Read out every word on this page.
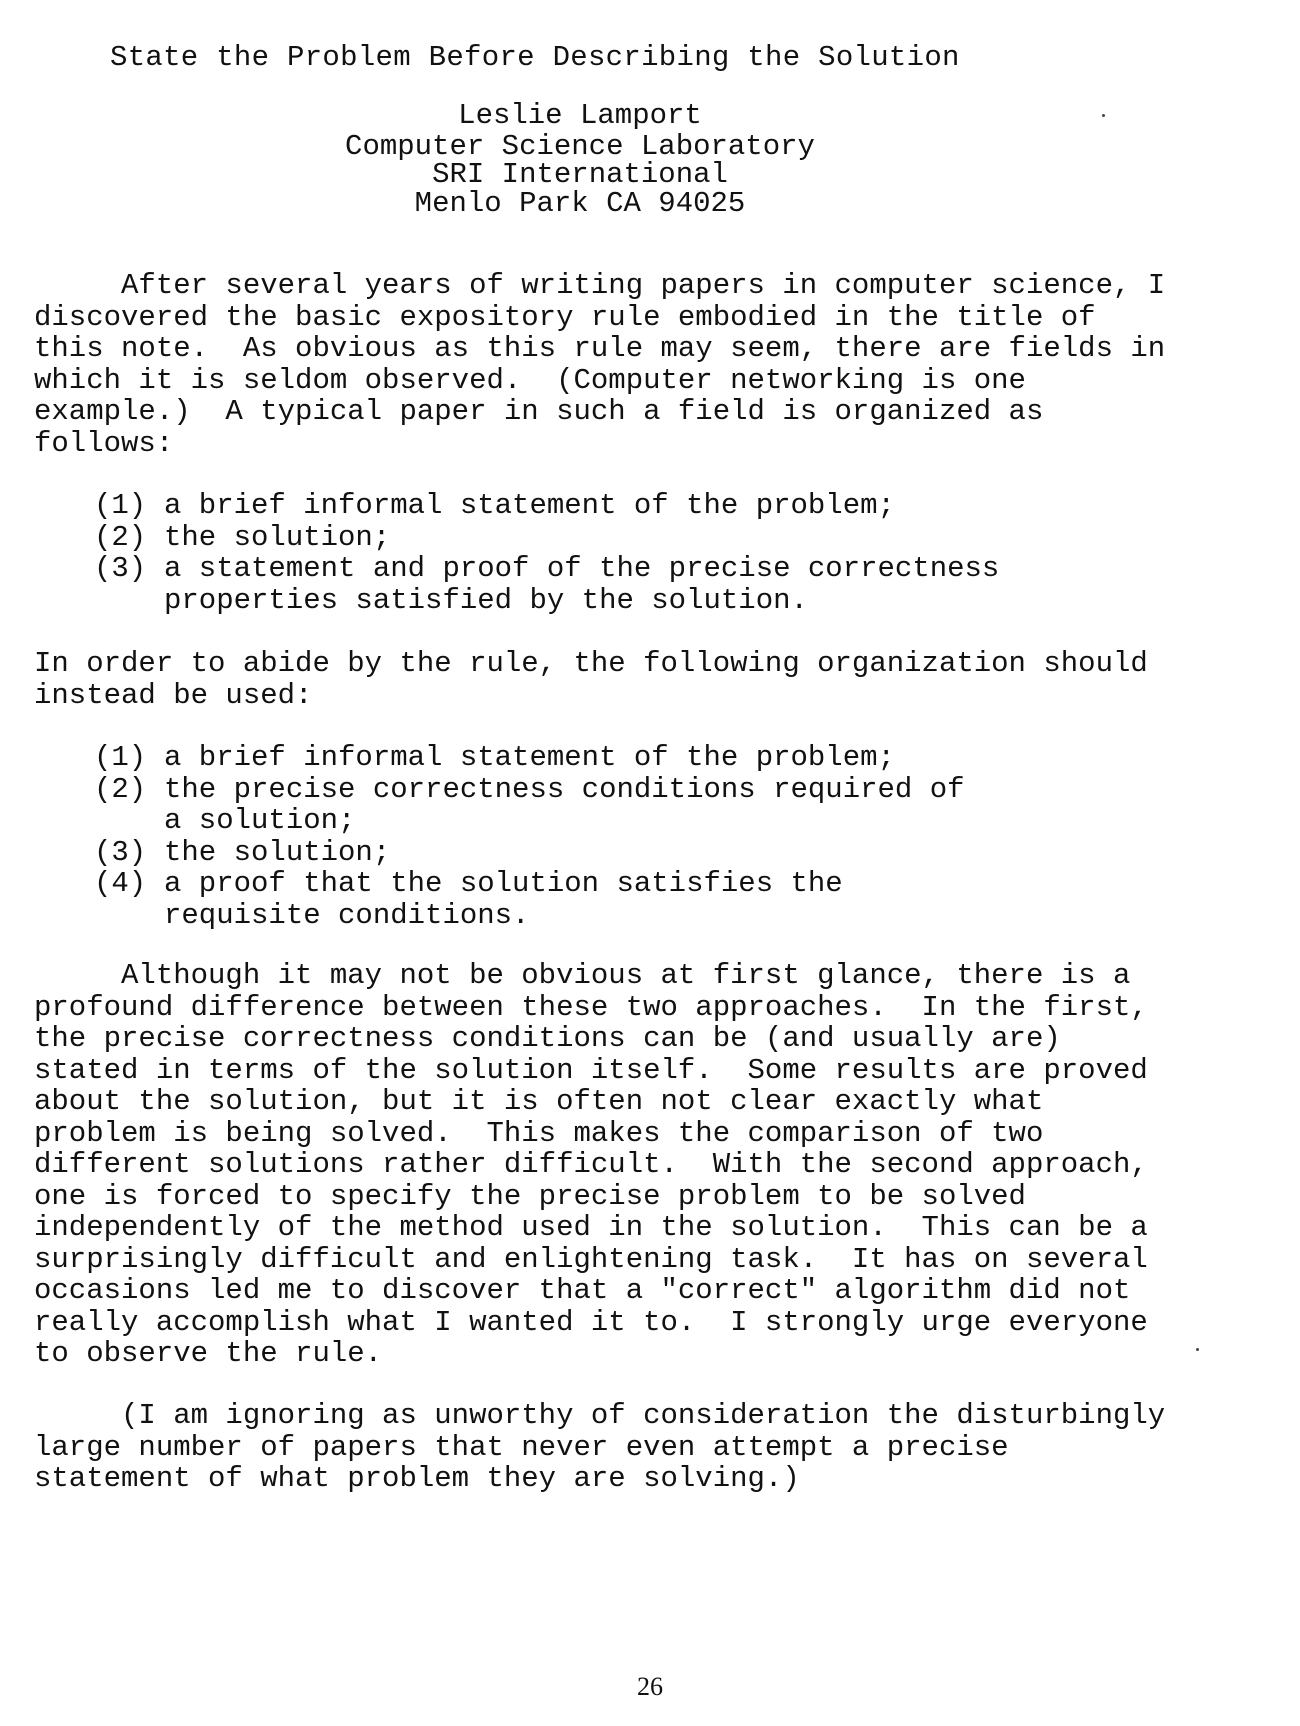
State the Problem Before Describing the Solution
Leslie Lamport
Computer Science Laboratory
SRI International
Menlo Park CA 94025
After several years of writing papers in computer science, I
discovered the basic expository rule embodied in the title of
this note.  As obvious as this rule may seem, there are fields in
which it is seldom observed.  (Computer networking is one
example.)  A typical paper in such a field is organized as
follows:
(1) a brief informal statement of the problem;
(2) the solution;
(3) a statement and proof of the precise correctness
properties satisfied by the solution.
In order to abide by the rule, the following organization should
instead be used:
(1) a brief informal statement of the problem;
(2) the precise correctness conditions required of
a solution;
(3) the solution;
(4) a proof that the solution satisfies the
requisite conditions.
Although it may not be obvious at first glance, there is a
profound difference between these two approaches.  In the first,
the precise correctness conditions can be (and usually are)
stated in terms of the solution itself.  Some results are proved
about the solution, but it is often not clear exactly what
problem is being solved.  This makes the comparison of two
different solutions rather difficult.  With the second approach,
one is forced to specify the precise problem to be solved
independently of the method used in the solution.  This can be a
surprisingly difficult and enlightening task.  It has on several
occasions led me to discover that a "correct" algorithm did not
really accomplish what I wanted it to.  I strongly urge everyone
to observe the rule.
(I am ignoring as unworthy of consideration the disturbingly
large number of papers that never even attempt a precise
statement of what problem they are solving.)
26
